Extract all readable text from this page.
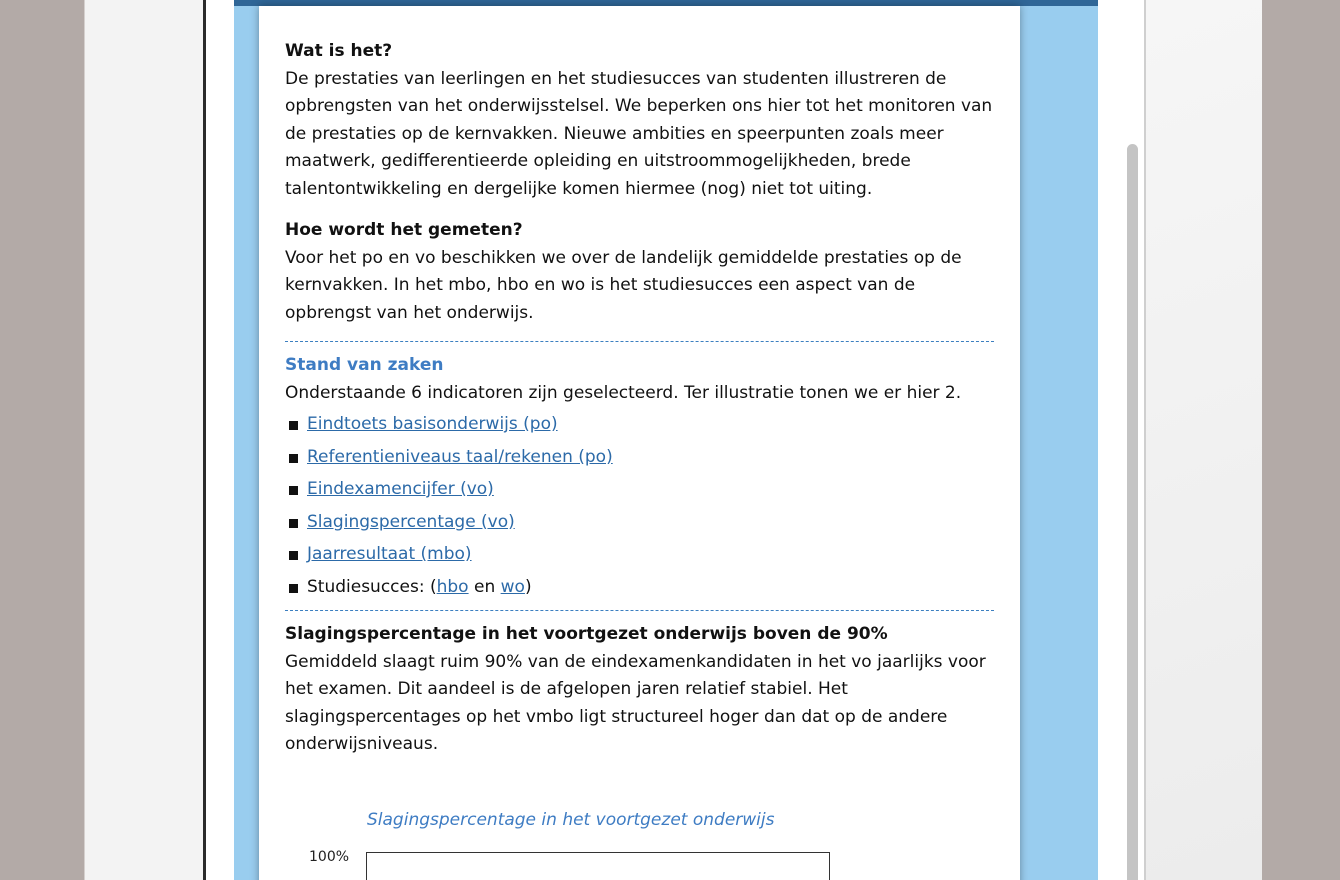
Wat is het?
De prestaties van leerlingen en het studiesucces van studenten illustreren de opbrengsten van het onderwijsstelsel. We beperken ons hier tot het monitoren van de prestaties op de kernvakken. Nieuwe ambities en speerpunten zoals meer maatwerk, gedifferentieerde opleiding en uitstroommogelijkheden, brede talentontwikkeling en dergelijke komen hiermee (nog) niet tot uiting.
Hoe wordt het gemeten?
Voor het po en vo beschikken we over de landelijk gemiddelde prestaties op de kernvakken. In het mbo, hbo en wo is het studiesucces een aspect van de opbrengst van het onderwijs.
Stand van zaken
Onderstaande 6 indicatoren zijn geselecteerd. Ter illustratie tonen we er hier 2.
Eindtoets basisonderwijs (po)
Referentieniveaus taal/rekenen (po)
Eindexamencijfer (vo)
Slagingspercentage (vo)
Jaarresultaat (mbo)
Studiesucces: (hbo en wo)
Slagingspercentage in het voortgezet onderwijs boven de 90%
Gemiddeld slaagt ruim 90% van de eindexamenkandidaten in het vo jaarlijks voor het examen. Dit aandeel is de afgelopen jaren relatief stabiel. Het slagingspercentages op het vmbo ligt structureel hoger dan dat op de andere onderwijsniveaus.
Slagingspercentage in het voortgezet onderwijs
100%
